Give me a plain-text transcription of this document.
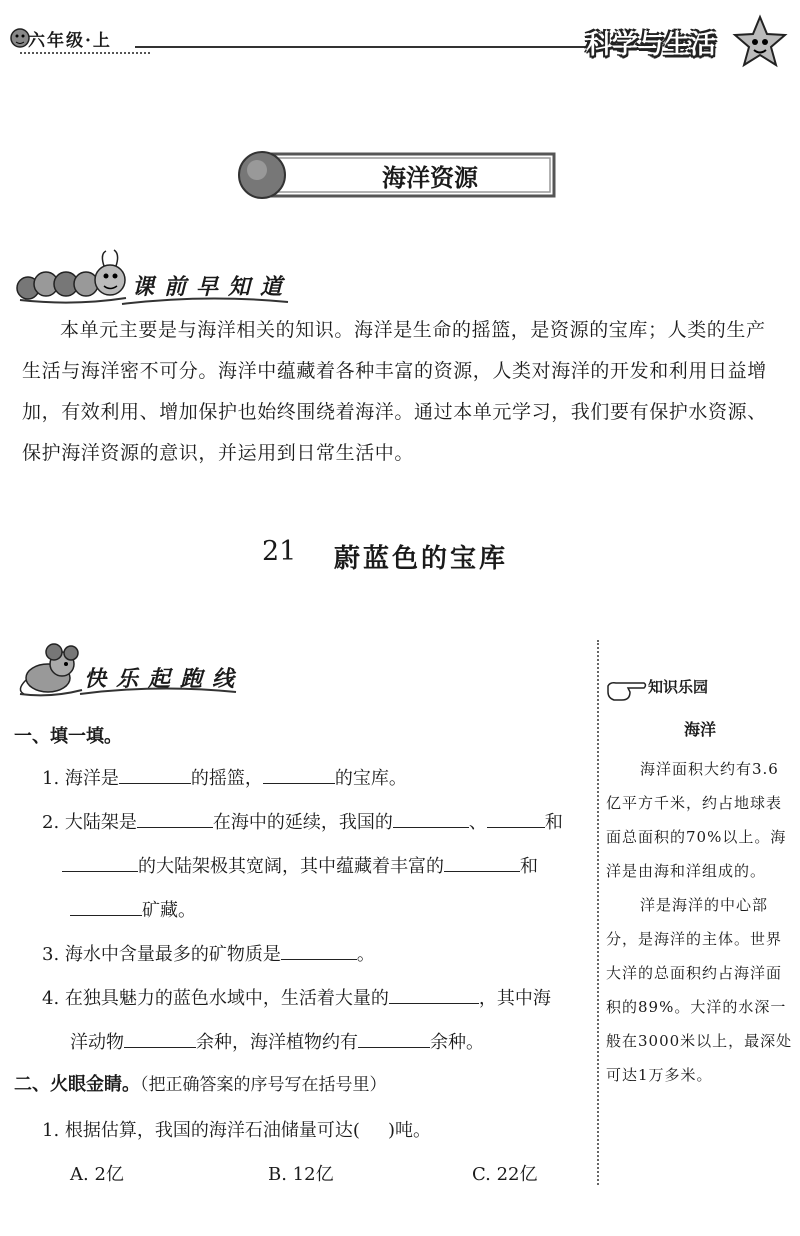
六年级·上	科学与生活
海洋资源
课前早知道
本单元主要是与海洋相关的知识。海洋是生命的摇篮，是资源的宝库；人类的生产生活与海洋密不可分。海洋中蕴藏着各种丰富的资源，人类对海洋的开发和利用日益增加，有效利用、增加保护也始终围绕着海洋。通过本单元学习，我们要有保护水资源、保护海洋资源的意识，并运用到日常生活中。
21 蔚蓝色的宝库
快乐起跑线
一、填一填。
1. 海洋是	的摇篮，	的宝库。
2. 大陆架是	在海中的延续，我国的	、	和
的大陆架极其宽阔，其中蕴藏着丰富的	和
矿藏。
3. 海水中含量最多的矿物质是	。
4. 在独具魅力的蓝色水域中，生活着大量的	，其中海
洋动物	余种，海洋植物约有	余种。
二、火眼金睛。（把正确答案的序号写在括号里）
1. 根据估算，我国的海洋石油储量可达( )吨。
A. 2亿	B. 12亿	C. 22亿
知识乐园
海洋

海洋面积大约有3.6亿平方千米，约占地球表面总面积的70%以上。海洋是由海和洋组成的。

洋是海洋的中心部分，是海洋的主体。世界大洋的总面积约占海洋面积的89%。大洋的水深一般在3000米以上，最深处可达1万多米。
